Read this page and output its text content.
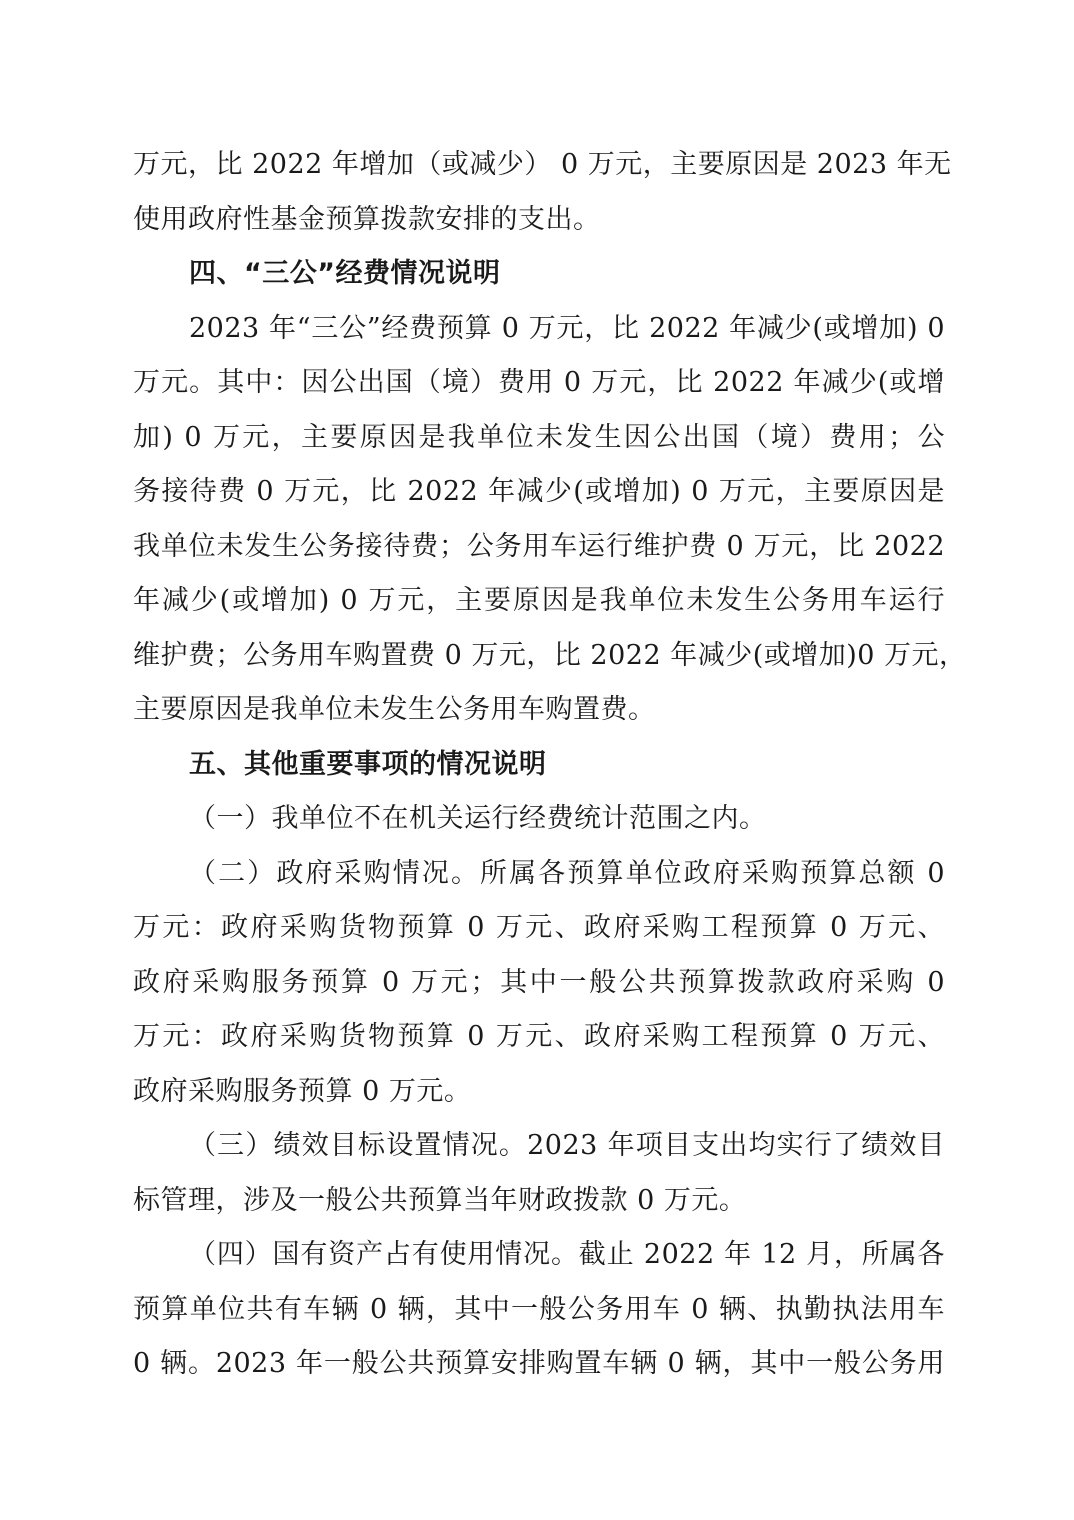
万元，比 2022 年增加（或减少） 0 万元，主要原因是 2023 年无
使用政府性基金预算拨款安排的支出。
四、“三公”经费情况说明
2023 年“三公”经费预算 0 万元，比 2022 年减少(或增加) 0
万元。其中：因公出国（境）费用 0 万元，比 2022 年减少(或增
加) 0 万元，主要原因是我单位未发生因公出国（境）费用；公
务接待费 0 万元，比 2022 年减少(或增加) 0 万元，主要原因是
我单位未发生公务接待费；公务用车运行维护费 0 万元，比 2022
年减少(或增加) 0 万元，主要原因是我单位未发生公务用车运行
维护费；公务用车购置费 0 万元，比 2022 年减少(或增加)0 万元，
主要原因是我单位未发生公务用车购置费。
五、其他重要事项的情况说明
（一）我单位不在机关运行经费统计范围之内。
（二）政府采购情况。所属各预算单位政府采购预算总额 0
万元：政府采购货物预算 0 万元、政府采购工程预算 0 万元、
政府采购服务预算 0 万元；其中一般公共预算拨款政府采购 0
万元：政府采购货物预算 0 万元、政府采购工程预算 0 万元、
政府采购服务预算 0 万元。
（三）绩效目标设置情况。2023 年项目支出均实行了绩效目
标管理，涉及一般公共预算当年财政拨款 0 万元。
（四）国有资产占有使用情况。截止 2022 年 12 月，所属各
预算单位共有车辆 0 辆，其中一般公务用车 0 辆、执勤执法用车
0 辆。2023 年一般公共预算安排购置车辆 0 辆，其中一般公务用
